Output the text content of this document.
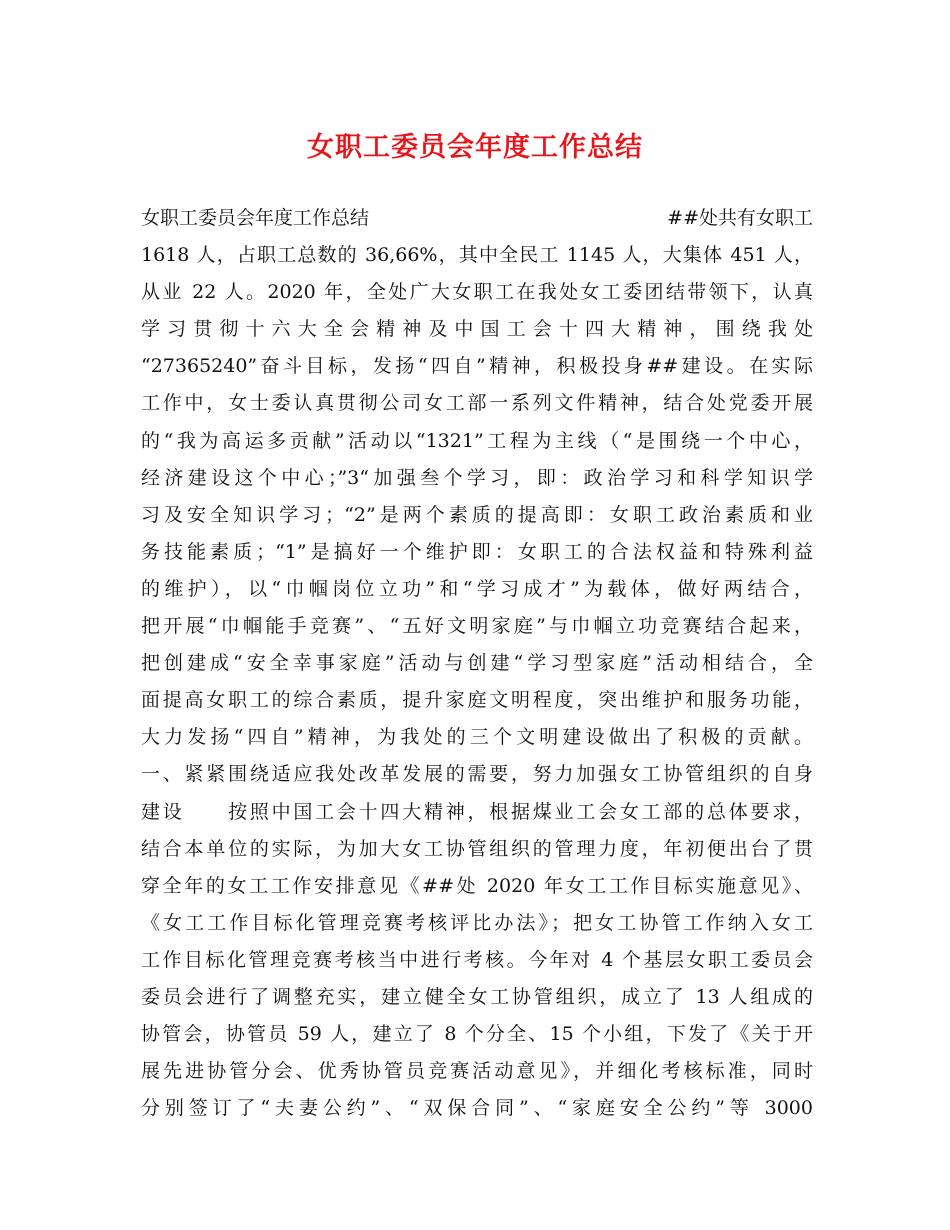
女职工委员会年度工作总结
女职工委员会年度工作总结	##处共有女职工
1618 人，占职工总数的 36,66%，其中全民工 1145 人，大集体 451 人，
从业 22 人。2020 年，全处广大女职工在我处女工委团结带领下，认真
学习贯彻十六大全会精神及中国工会十四大精神，围绕我处
“27365240”奋斗目标，发扬“四自”精神，积极投身##建设。在实际
工作中，女士委认真贯彻公司女工部一系列文件精神，结合处党委开展
的“我为高运多贡献”活动以“1321”工程为主线（“是围绕一个中心，
经济建设这个中心；”3“加强叁个学习，即：政治学习和科学知识学
习及安全知识学习；“2”是两个素质的提高即：女职工政治素质和业
务技能素质；“1”是搞好一个维护即：女职工的合法权益和特殊利益
的维护），以“巾帼岗位立功”和“学习成才”为载体，做好两结合，
把开展“巾帼能手竞赛”、“五好文明家庭”与巾帼立功竞赛结合起来，
把创建成“安全幸事家庭”活动与创建“学习型家庭”活动相结合，全
面提高女职工的综合素质，提升家庭文明程度，突出维护和服务功能，
大力发扬“四自”精神，为我处的三个文明建设做出了积极的贡献。
一、紧紧围绕适应我处改革发展的需要，努力加强女工协管组织的自身
建设　　按照中国工会十四大精神，根据煤业工会女工部的总体要求，
结合本单位的实际，为加大女工协管组织的管理力度，年初便出台了贯
穿全年的女工工作安排意见《##处 2020 年女工工作目标实施意见》、
《女工工作目标化管理竞赛考核评比办法》；把女工协管工作纳入女工
工作目标化管理竞赛考核当中进行考核。今年对 4 个基层女职工委员会
委员会进行了调整充实，建立健全女工协管组织，成立了 13 人组成的
协管会，协管员 59 人，建立了 8 个分全、15 个小组，下发了《关于开
展先进协管分会、优秀协管员竞赛活动意见》，并细化考核标准，同时
分别签订了“夫妻公约”、“双保合同”、“家庭安全公约”等 3000
